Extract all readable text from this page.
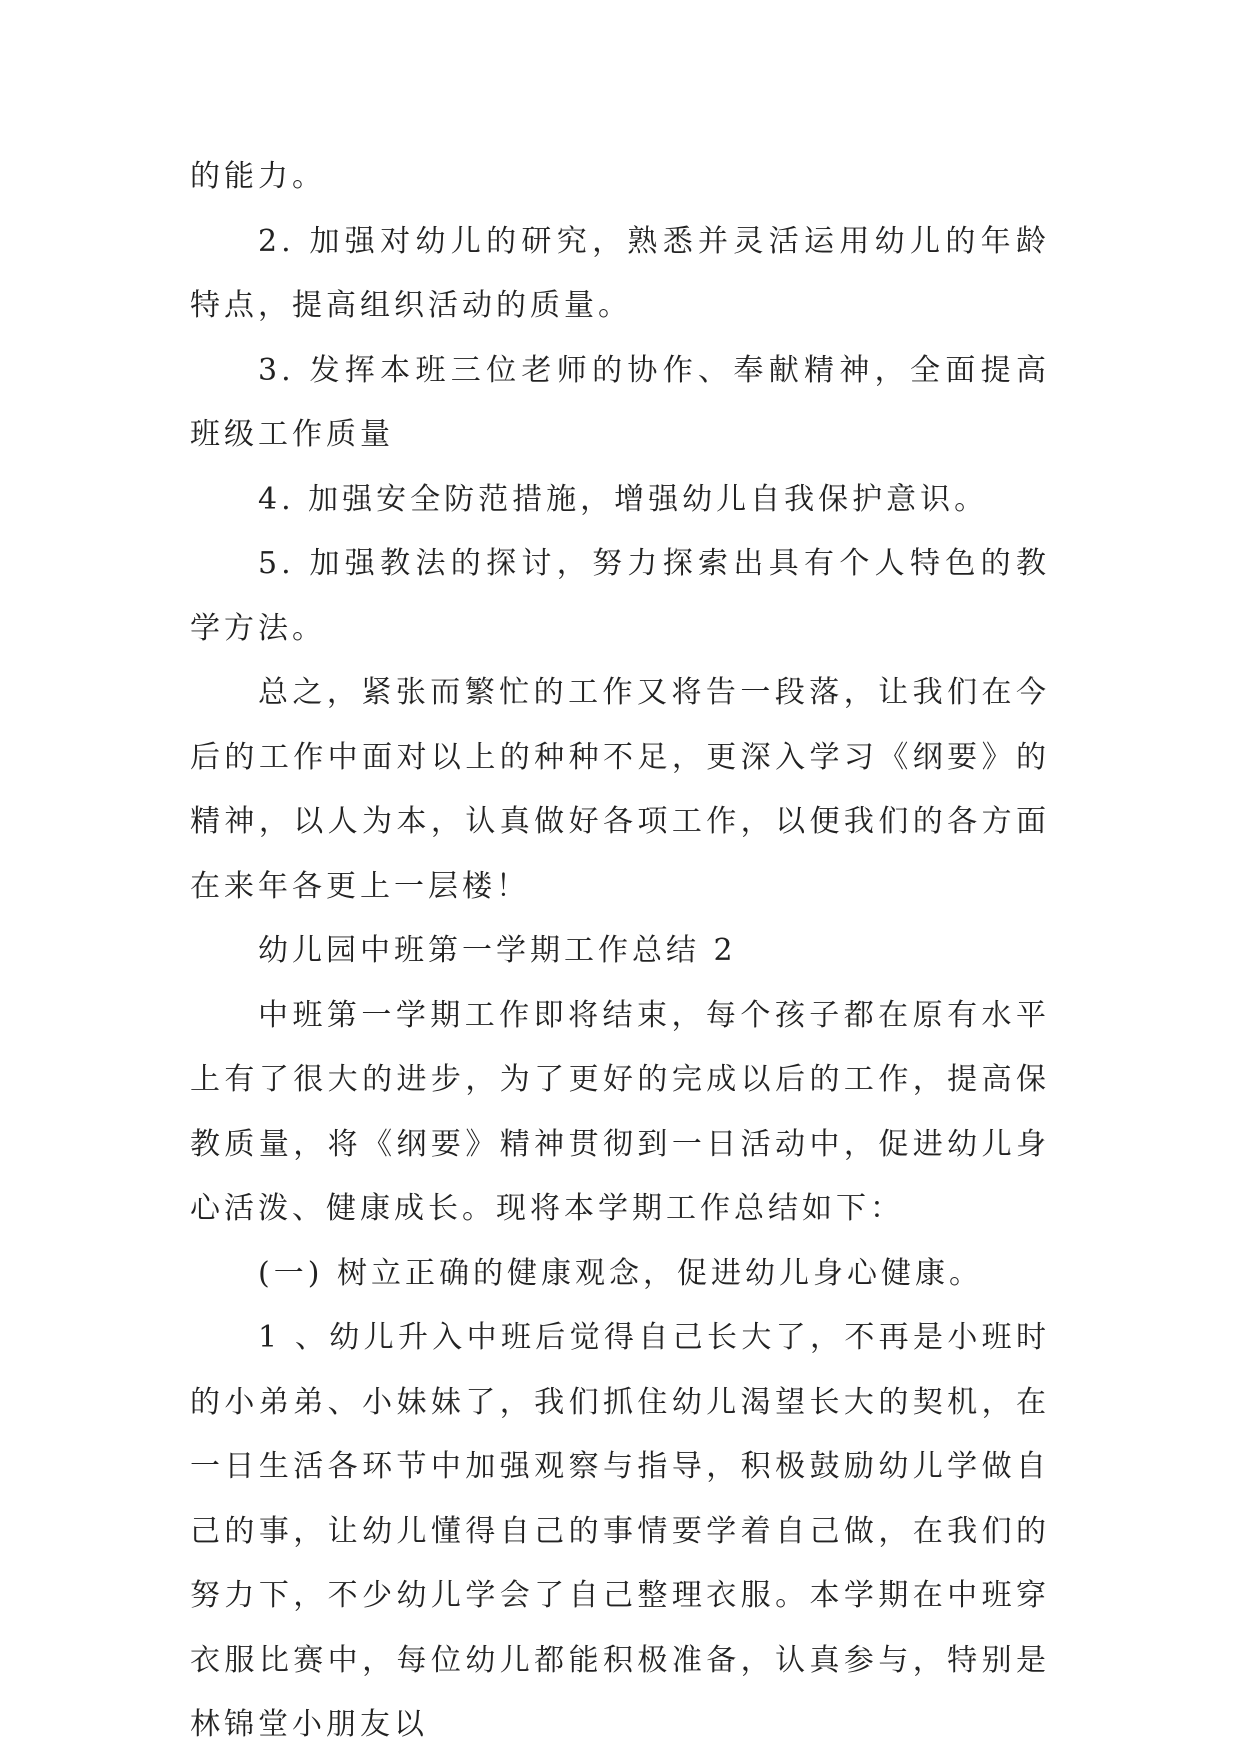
的能力。

2. 加强对幼儿的研究，熟悉并灵活运用幼儿的年龄特点，提高组织活动的质量。

3. 发挥本班三位老师的协作、奉献精神，全面提高班级工作质量

4. 加强安全防范措施，增强幼儿自我保护意识。

5. 加强教法的探讨，努力探索出具有个人特色的教学方法。

总之，紧张而繁忙的工作又将告一段落，让我们在今后的工作中面对以上的种种不足，更深入学习《纲要》的精神，以人为本，认真做好各项工作，以便我们的各方面在来年各更上一层楼！

幼儿园中班第一学期工作总结 2

中班第一学期工作即将结束，每个孩子都在原有水平上有了很大的进步，为了更好的完成以后的工作，提高保教质量，将《纲要》精神贯彻到一日活动中，促进幼儿身心活泼、健康成长。现将本学期工作总结如下：

(一) 树立正确的健康观念，促进幼儿身心健康。

1 、幼儿升入中班后觉得自己长大了，不再是小班时的小弟弟、小妹妹了，我们抓住幼儿渴望长大的契机，在一日生活各环节中加强观察与指导，积极鼓励幼儿学做自己的事，让幼儿懂得自己的事情要学着自己做，在我们的努力下，不少幼儿学会了自己整理衣服。本学期在中班穿衣服比赛中，每位幼儿都能积极准备，认真参与，特别是林锦堂小朋友以
